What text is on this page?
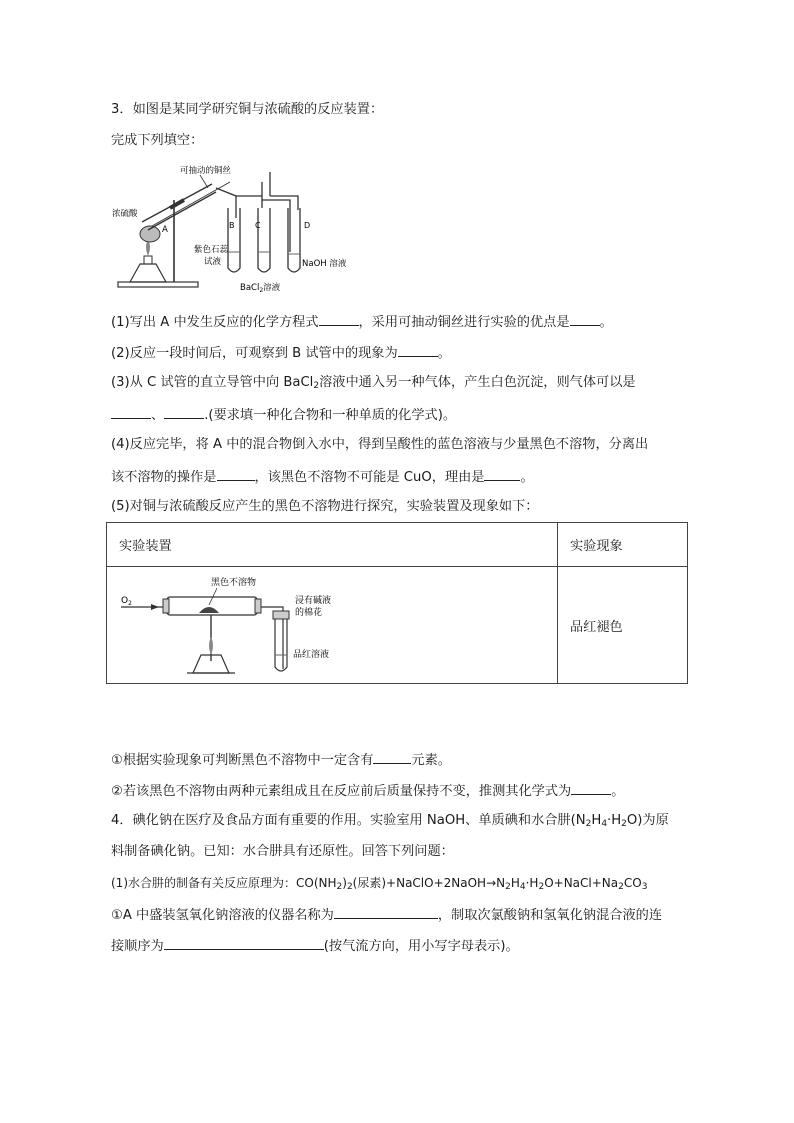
3．如图是某同学研究铜与浓硫酸的反应装置：
完成下列填空：
可抽动的铜丝
浓硫酸
A	B	C	D
紫色石蕊
试液	NaOH 溶液
BaCl$_2$溶液
(1)写出 A 中发生反应的化学方程式	，采用可抽动铜丝进行实验的优点是 。
(2)反应一段时间后，可观察到 B 试管中的现象为	。
(3)从 C 试管的直立导管中向 BaCl$_2$溶液中通入另一种气体，产生白色沉淀，则气体可以是
、	.(要求填一种化合物和一种单质的化学式)。
(4)反应完毕，将 A 中的混合物倒入水中，得到呈酸性的蓝色溶液与少量黑色不溶物，分离出
该不溶物的操作是	，该黑色不溶物不可能是 CuO，理由是	。
(5)对铜与浓硫酸反应产生的黑色不溶物进行探究，实验装置及现象如下：
实验装置	实验现象

$O_2$
黑色不溶物
浸有碱液
的棉花
品红溶液	品红褪色
①根据实验现象可判断黑色不溶物中一定含有	元素。
②若该黑色不溶物由两种元素组成且在反应前后质量保持不变，推测其化学式为	。
4．碘化钠在医疗及食品方面有重要的作用。实验室用 NaOH、单质碘和水合肼$(N_2H_4\cdot H_2O)$为原
料制备碘化钠。已知：水合肼具有还原性。回答下列问题：
(1)水合肼的制备有关反应原理为：$CO(NH_2)_2$(尿素)$+NaClO+2NaOH\to N_2H_4\cdot H_2O+NaCl+Na_2CO_3$
①A 中盛装氢氧化钠溶液的仪器名称为	，制取次氯酸钠和氢氧化钠混合液的连
接顺序为	(按气流方向，用小写字母表示)。
